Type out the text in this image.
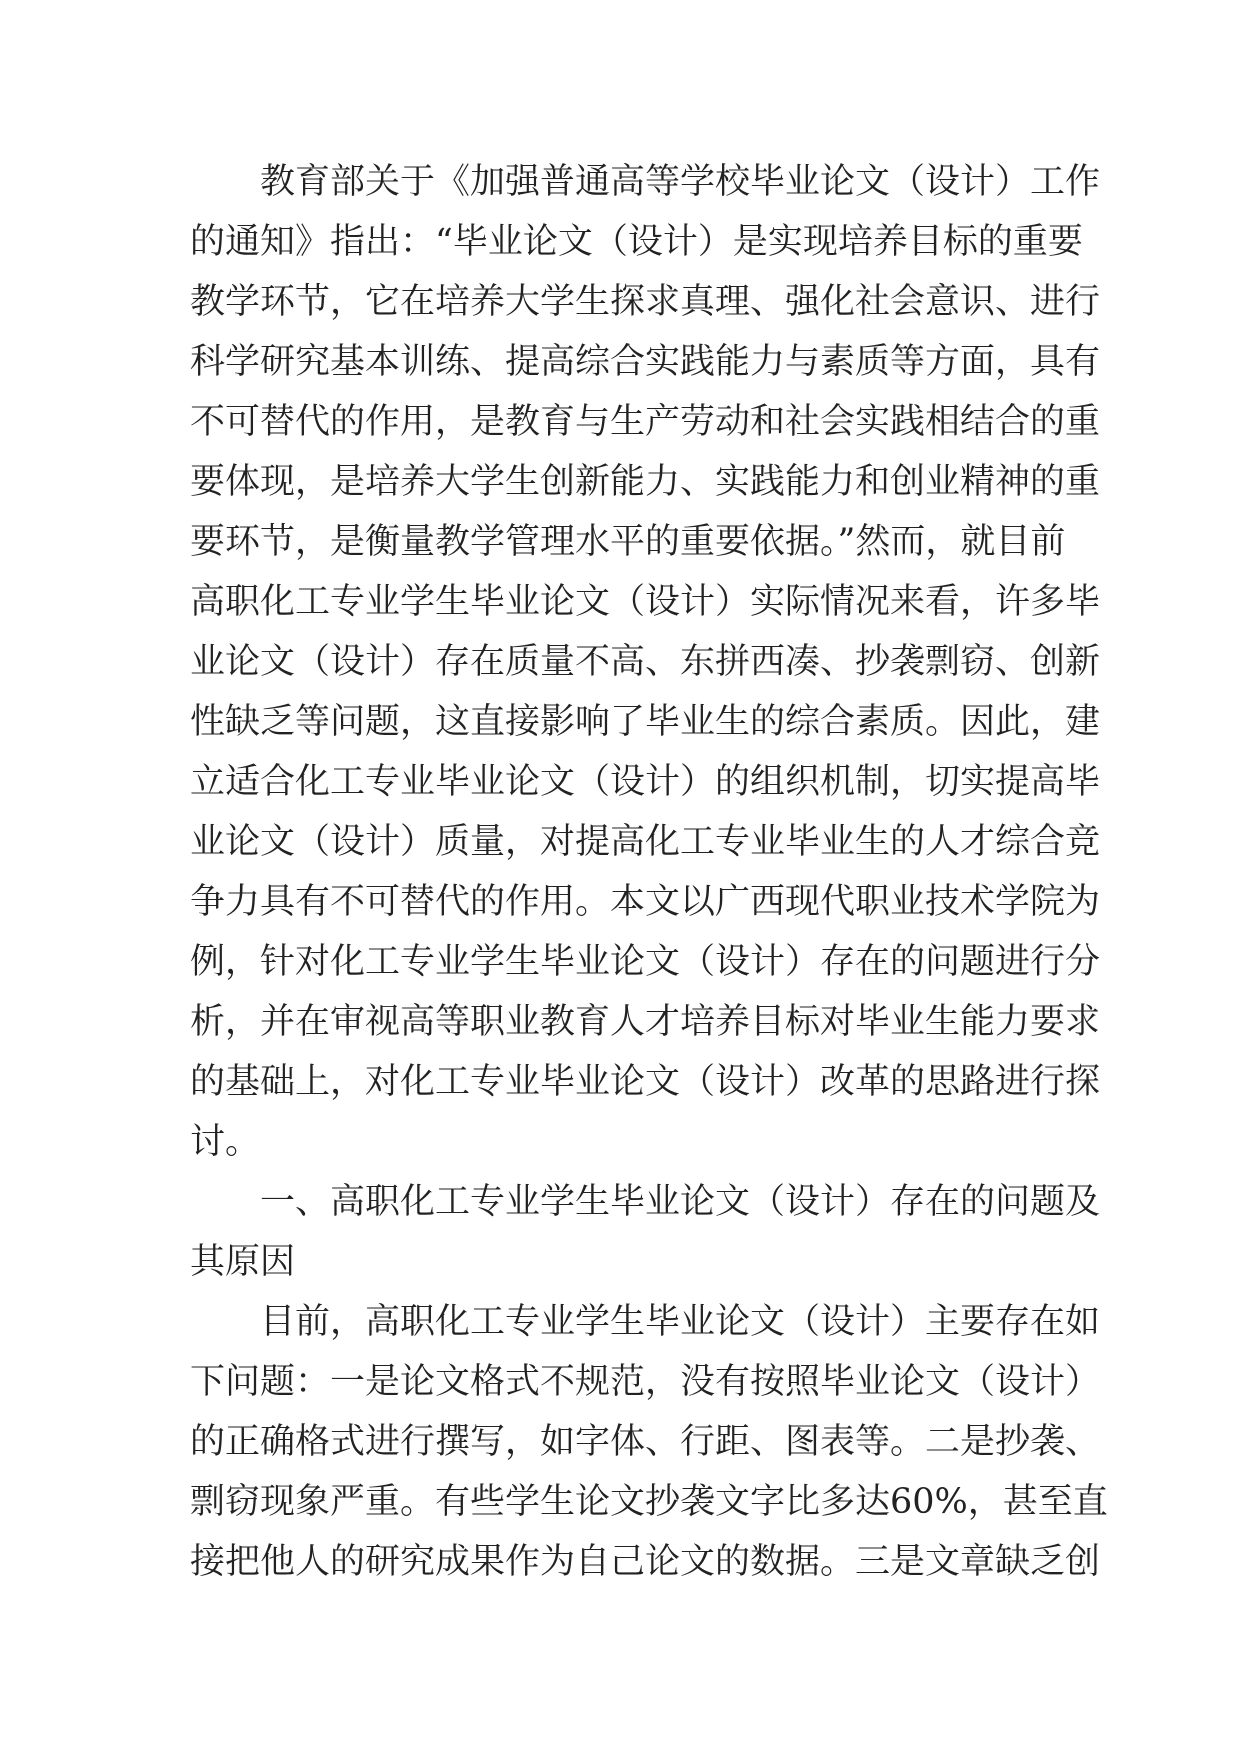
教育部关于《加强普通高等学校毕业论文（设计）工作
的通知》指出：“毕业论文（设计）是实现培养目标的重要
教学环节，它在培养大学生探求真理、强化社会意识、进行
科学研究基本训练、提高综合实践能力与素质等方面，具有
不可替代的作用，是教育与生产劳动和社会实践相结合的重
要体现，是培养大学生创新能力、实践能力和创业精神的重
要环节，是衡量教学管理水平的重要依据。”然而，就目前
高职化工专业学生毕业论文（设计）实际情况来看，许多毕
业论文（设计）存在质量不高、东拼西凑、抄袭剽窃、创新
性缺乏等问题，这直接影响了毕业生的综合素质。因此，建
立适合化工专业毕业论文（设计）的组织机制，切实提高毕
业论文（设计）质量，对提高化工专业毕业生的人才综合竞
争力具有不可替代的作用。本文以广西现代职业技术学院为
例，针对化工专业学生毕业论文（设计）存在的问题进行分
析，并在审视高等职业教育人才培养目标对毕业生能力要求
的基础上，对化工专业毕业论文（设计）改革的思路进行探
讨。
一、高职化工专业学生毕业论文（设计）存在的问题及
其原因
目前，高职化工专业学生毕业论文（设计）主要存在如
下问题：一是论文格式不规范，没有按照毕业论文（设计）
的正确格式进行撰写，如字体、行距、图表等。二是抄袭、
剽窃现象严重。有些学生论文抄袭文字比多达60%，甚至直
接把他人的研究成果作为自己论文的数据。三是文章缺乏创
